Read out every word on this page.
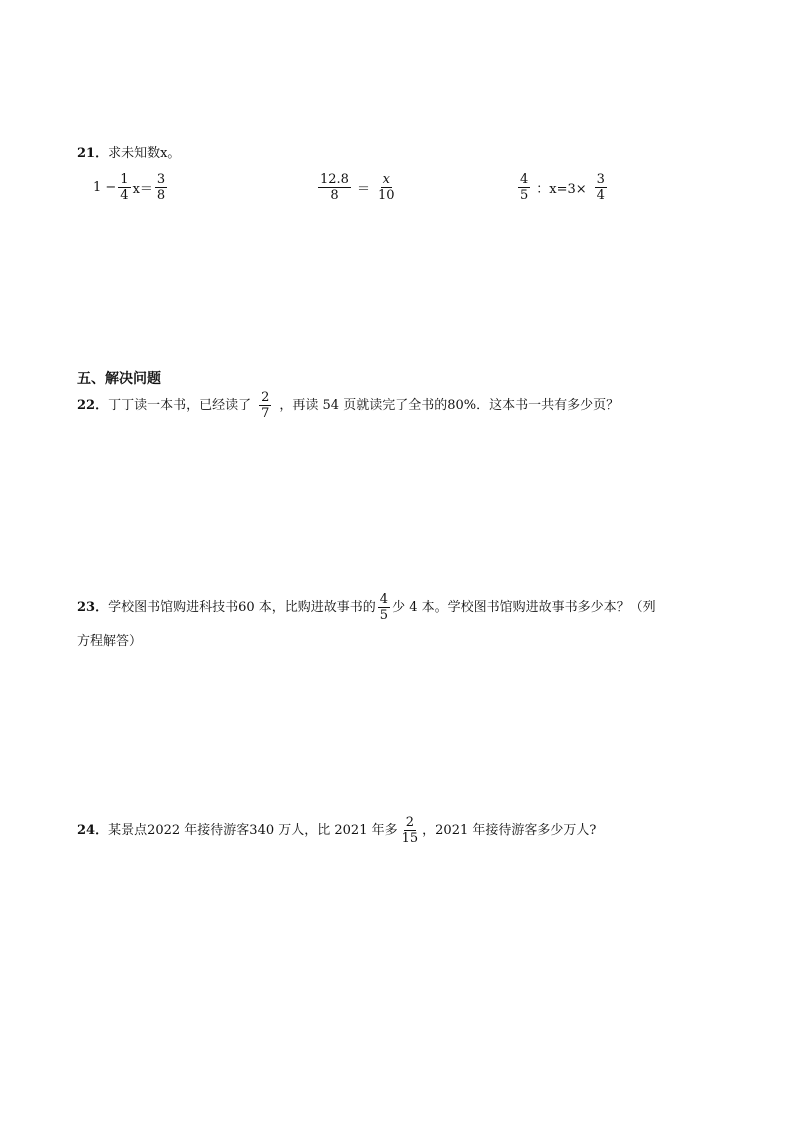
21．求未知数x。
$1 - \frac{1}{4} x= \frac{3}{8}$	$\frac{12.8}{8} = \frac{x}{10}$	$\frac{4}{5}$ ：$x=3\times \frac{3}{4}$
五、解决问题
22． 丁丁读一本书，已经读了 $\frac{2}{7}$ ，再读 54 页就读完了全书的80%．这本书一共有多少页？
23． 学校图书馆购进科技书60 本，比购进故事书的 $\frac{4}{5}$ 少 4 本。学校图书馆购进故事书多少本？（列
方程解答）
24． 某景点2022 年接待游客340 万人，比 2021 年多 $\frac{2}{15}$ ，2021 年接待游客多少万人?
